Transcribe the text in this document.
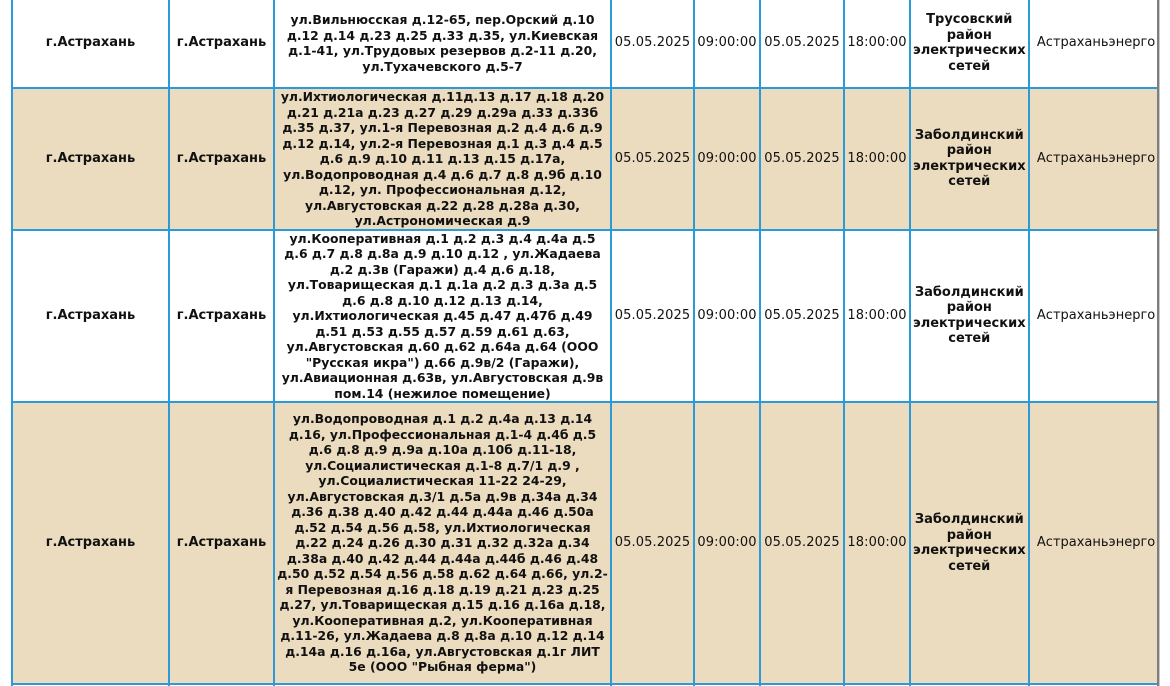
г.Астрахань	г.Астрахань	ул.Вильнюсская д.12-65, пер.Орский д.10 д.12 д.14 д.23 д.25 д.33 д.35, ул.Киевская д.1-41, ул.Трудовых резервов д.2-11 д.20, ул.Тухачевского д.5-7	05.05.2025	09:00:00	05.05.2025	18:00:00	Трусовский район электрических сетей	Астраханьэнерго
г.Астрахань	г.Астрахань	ул.Ихтиологическая д.11д.13 д.17 д.18 д.20 д.21 д.21а д.23 д.27 д.29 д.29а д.33 д.33б д.35 д.37, ул.1-я Перевозная д.2 д.4 д.6 д.9 д.12 д.14, ул.2-я Перевозная д.1 д.3 д.4 д.5 д.6 д.9 д.10 д.11 д.13 д.15 д.17а, ул.Водопроводная д.4 д.6 д.7 д.8 д.9б д.10 д.12, ул. Профессиональная д.12, ул.Августовская д.22 д.28 д.28а д.30, ул.Астрономическая д.9	05.05.2025	09:00:00	05.05.2025	18:00:00	Заболдинский район электрических сетей	Астраханьэнерго
г.Астрахань	г.Астрахань	ул.Кооперативная д.1 д.2 д.3 д.4 д.4а д.5 д.6 д.7 д.8 д.8а д.9 д.10 д.12 , ул.Жадаева д.2 д.3в (Гаражи) д.4 д.6 д.18, ул.Товарищеская д.1 д.1а д.2 д.3 д.3а д.5 д.6 д.8 д.10 д.12 д.13 д.14, ул.Ихтиологическая д.45 д.47 д.47б д.49 д.51 д.53 д.55 д.57 д.59 д.61 д.63, ул.Августовская д.60 д.62 д.64а д.64 (ООО "Русская икра") д.66 д.9в/2 (Гаражи), ул.Авиационная д.63в, ул.Августовская д.9в пом.14 (нежилое помещение)	05.05.2025	09:00:00	05.05.2025	18:00:00	Заболдинский район электрических сетей	Астраханьэнерго
г.Астрахань	г.Астрахань	ул.Водопроводная д.1 д.2 д.4а д.13 д.14 д.16, ул.Профессиональная д.1-4 д.4б д.5 д.6 д.8 д.9 д.9а д.10а д.10б д.11-18, ул.Социалистическая д.1-8 д.7/1 д.9 , ул.Социалистическая 11-22 24-29, ул.Августовская д.3/1 д.5а д.9в д.34а д.34 д.36 д.38 д.40 д.42 д.44 д.44а д.46 д.50а д.52 д.54 д.56 д.58, ул.Ихтиологическая д.22 д.24 д.26 д.30 д.31 д.32 д.32а д.34 д.38а д.40 д.42 д.44 д.44а д.44б д.46 д.48 д.50 д.52 д.54 д.56 д.58 д.62 д.64 д.66, ул.2-я Перевозная д.16 д.18 д.19 д.21 д.23 д.25 д.27, ул.Товарищеская д.15 д.16 д.16а д.18, ул.Кооперативная д.2, ул.Кооперативная д.11-26, ул.Жадаева д.8 д.8а д.10 д.12 д.14 д.14а д.16 д.16а, ул.Августовская д.1г ЛИТ 5е (ООО "Рыбная ферма")	05.05.2025	09:00:00	05.05.2025	18:00:00	Заболдинский район электрических сетей	Астраханьэнерго
